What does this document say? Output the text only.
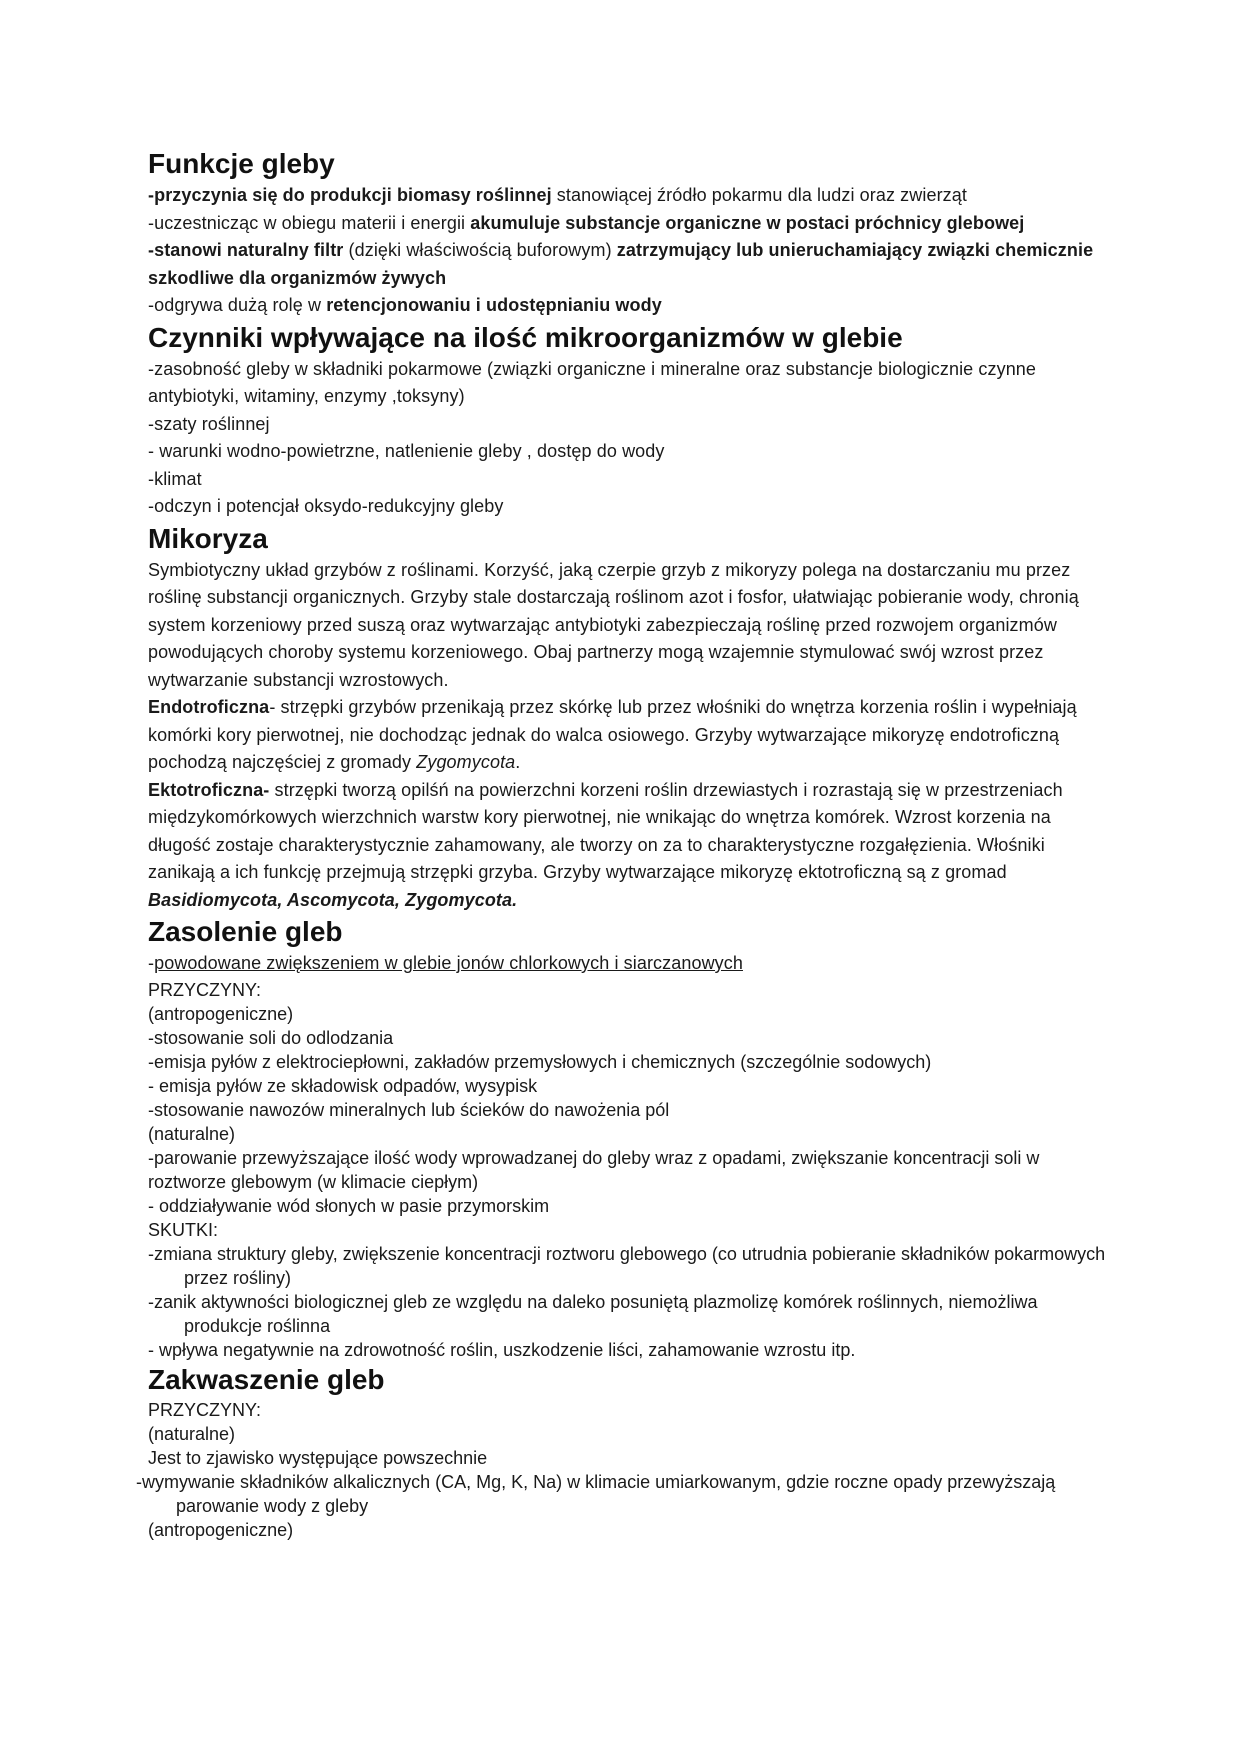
Funkcje gleby

-przyczynia się do produkcji biomasy roślinnej stanowiącej źródło pokarmu dla ludzi oraz zwierząt

-uczestnicząc w obiegu materii i energii akumuluje substancje organiczne w postaci próchnicy glebowej

-stanowi naturalny filtr (dzięki właściwością buforowym) zatrzymujący lub unieruchamiający związki chemicznie szkodliwe dla organizmów żywych

-odgrywa dużą rolę w retencjonowaniu i udostępnianiu wody

Czynniki wpływające na ilość mikroorganizmów w glebie

-zasobność gleby w składniki pokarmowe (związki organiczne i mineralne oraz substancje biologicznie czynne antybiotyki, witaminy, enzymy ,toksyny)

-szaty roślinnej

- warunki wodno-powietrzne, natlenienie gleby , dostęp do wody

-klimat

-odczyn i potencjał oksydo-redukcyjny gleby

Mikoryza

Symbiotyczny układ grzybów z roślinami. Korzyść, jaką czerpie grzyb z mikoryzy polega na dostarczaniu mu przez roślinę substancji organicznych. Grzyby stale dostarczają roślinom azot i fosfor, ułatwiając pobieranie wody, chronią system korzeniowy przed suszą oraz wytwarzając antybiotyki zabezpieczają roślinę przed rozwojem organizmów powodujących choroby systemu korzeniowego. Obaj partnerzy mogą wzajemnie stymulować swój wzrost przez wytwarzanie substancji wzrostowych.

Endotroficzna- strzępki grzybów przenikają przez skórkę lub przez włośniki do wnętrza korzenia roślin i wypełniają komórki kory pierwotnej, nie dochodząc jednak do walca osiowego. Grzyby wytwarzające mikoryzę endotroficzną pochodzą najczęściej z gromady Zygomycota.

Ektotroficzna- strzępki tworzą opilśń na powierzchni korzeni roślin drzewiastych i rozrastają się w przestrzeniach międzykomórkowych wierzchnich warstw kory pierwotnej, nie wnikając do wnętrza komórek. Wzrost korzenia na długość zostaje charakterystycznie zahamowany, ale tworzy on za to charakterystyczne rozgałęzienia. Włośniki zanikają a ich funkcję przejmują strzępki grzyba. Grzyby wytwarzające mikoryzę ektotroficzną są z gromad Basidiomycota, Ascomycota, Zygomycota.

Zasolenie gleb

-powodowane zwiększeniem w glebie jonów chlorkowych i siarczanowych

PRZYCZYNY:

(antropogeniczne)

-stosowanie soli do odlodzania

-emisja pyłów z elektrociepłowni, zakładów przemysłowych i chemicznych (szczególnie sodowych)

- emisja pyłów ze składowisk odpadów, wysypisk

-stosowanie nawozów mineralnych lub ścieków do nawożenia pól

(naturalne)

-parowanie przewyższające ilość wody wprowadzanej do gleby wraz z opadami, zwiększanie koncentracji soli w roztworze glebowym (w klimacie ciepłym)

- oddziaływanie wód słonych w pasie przymorskim

SKUTKI:

-zmiana struktury gleby, zwiększenie koncentracji roztworu glebowego (co utrudnia pobieranie składników pokarmowych przez rośliny)

-zanik aktywności biologicznej gleb ze względu na daleko posuniętą plazmolizę komórek roślinnych, niemożliwa produkcje roślinna

- wpływa negatywnie na zdrowotność roślin, uszkodzenie liści, zahamowanie wzrostu itp.

Zakwaszenie gleb

PRZYCZYNY:

(naturalne)

Jest to zjawisko występujące powszechnie

-wymywanie składników alkalicznych (CA, Mg, K, Na) w klimacie umiarkowanym, gdzie roczne opady przewyższają parowanie wody z gleby

(antropogeniczne)
